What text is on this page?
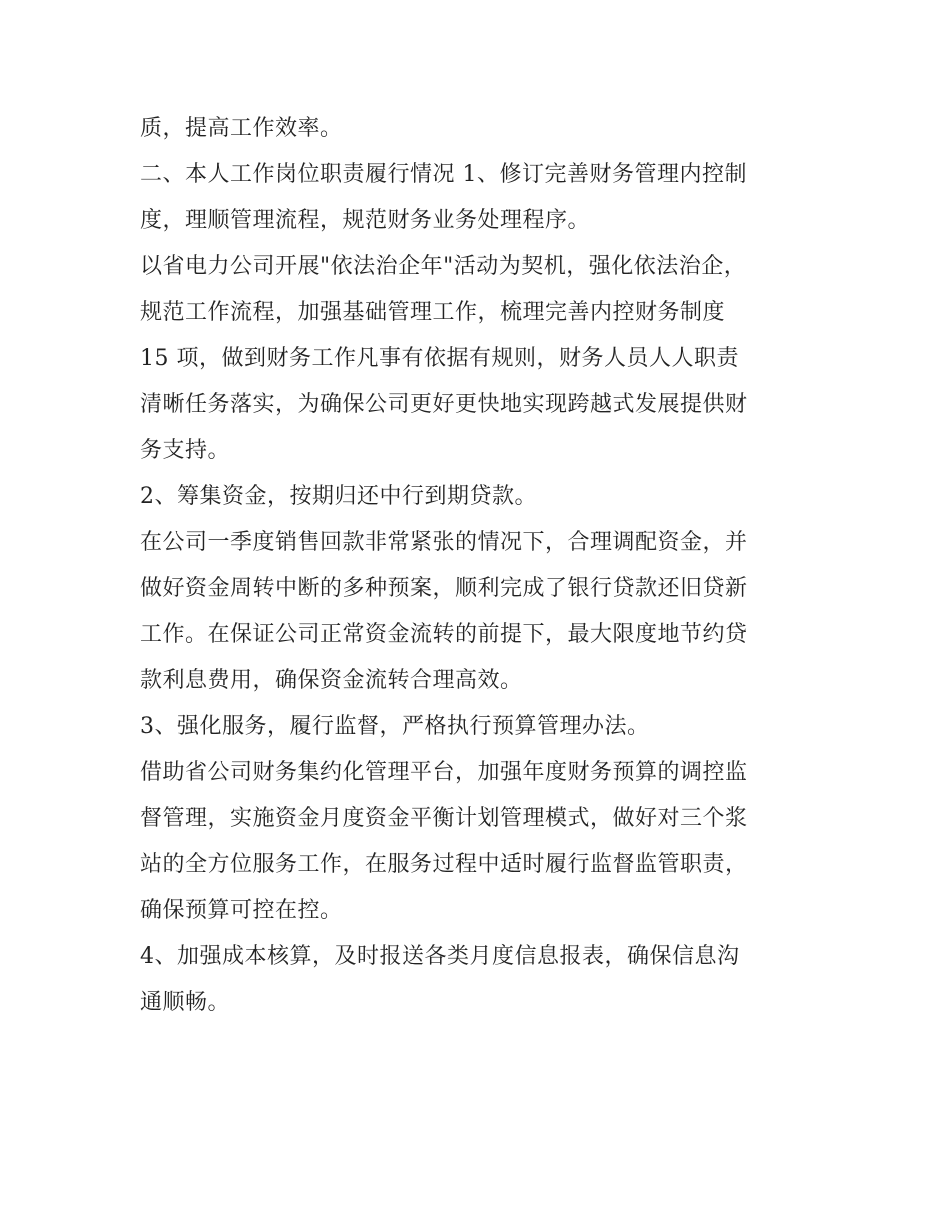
质，提高工作效率。
二、本人工作岗位职责履行情况 1、修订完善财务管理内控制
度，理顺管理流程，规范财务业务处理程序。
以省电力公司开展"依法治企年"活动为契机，强化依法治企，
规范工作流程，加强基础管理工作，梳理完善内控财务制度
15 项，做到财务工作凡事有依据有规则，财务人员人人职责
清晰任务落实，为确保公司更好更快地实现跨越式发展提供财
务支持。
2、筹集资金，按期归还中行到期贷款。
在公司一季度销售回款非常紧张的情况下，合理调配资金，并
做好资金周转中断的多种预案，顺利完成了银行贷款还旧贷新
工作。在保证公司正常资金流转的前提下，最大限度地节约贷
款利息费用，确保资金流转合理高效。
3、强化服务，履行监督，严格执行预算管理办法。
借助省公司财务集约化管理平台，加强年度财务预算的调控监
督管理，实施资金月度资金平衡计划管理模式，做好对三个浆
站的全方位服务工作，在服务过程中适时履行监督监管职责，
确保预算可控在控。
4、加强成本核算，及时报送各类月度信息报表，确保信息沟
通顺畅。
